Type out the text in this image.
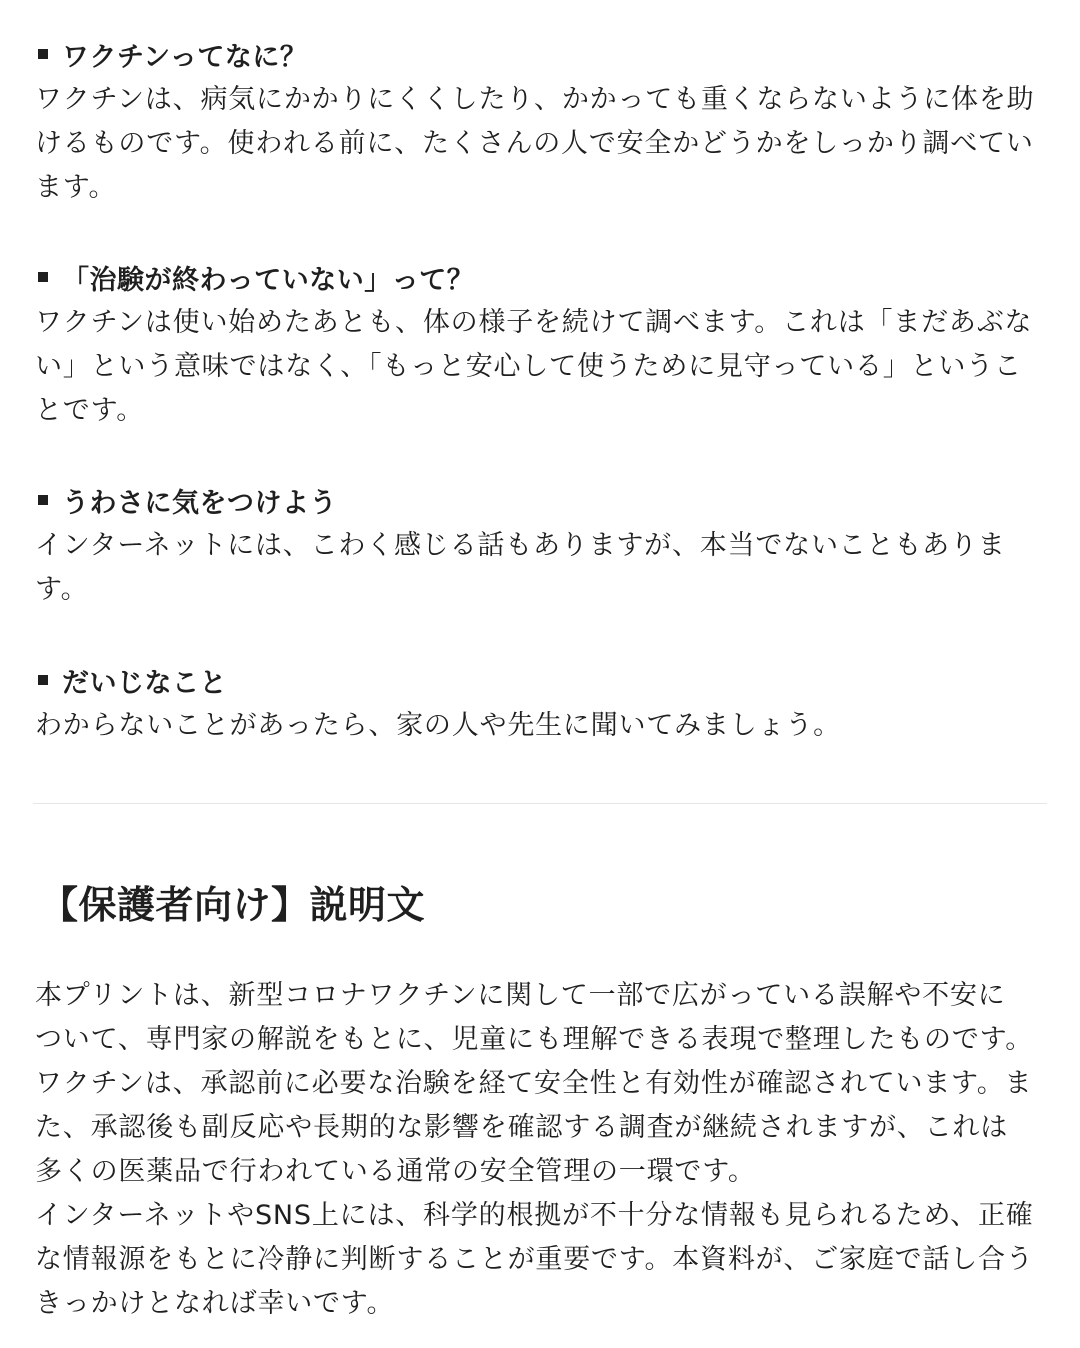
ワクチンってなに？

ワクチンは、病気にかかりにくくしたり、かかっても重くならないように体を助
けるものです。使われる前に、たくさんの人で安全かどうかをしっかり調べてい
ます。

「治験が終わっていない」って？

ワクチンは使い始めたあとも、体の様子を続けて調べます。これは「まだあぶな
い」という意味ではなく、「もっと安心して使うために見守っている」というこ
とです。

うわさに気をつけよう

インターネットには、こわく感じる話もありますが、本当でないこともありま
す。

だいじなこと

わからないことがあったら、家の人や先生に聞いてみましょう。

【保護者向け】説明文

本プリントは、新型コロナワクチンに関して一部で広がっている誤解や不安に
ついて、専門家の解説をもとに、児童にも理解できる表現で整理したものです。
ワクチンは、承認前に必要な治験を経て安全性と有効性が確認されています。ま
た、承認後も副反応や長期的な影響を確認する調査が継続されますが、これは
多くの医薬品で行われている通常の安全管理の一環です。
インターネットやSNS上には、科学的根拠が不十分な情報も見られるため、正確
な情報源をもとに冷静に判断することが重要です。本資料が、ご家庭で話し合う
きっかけとなれば幸いです。
